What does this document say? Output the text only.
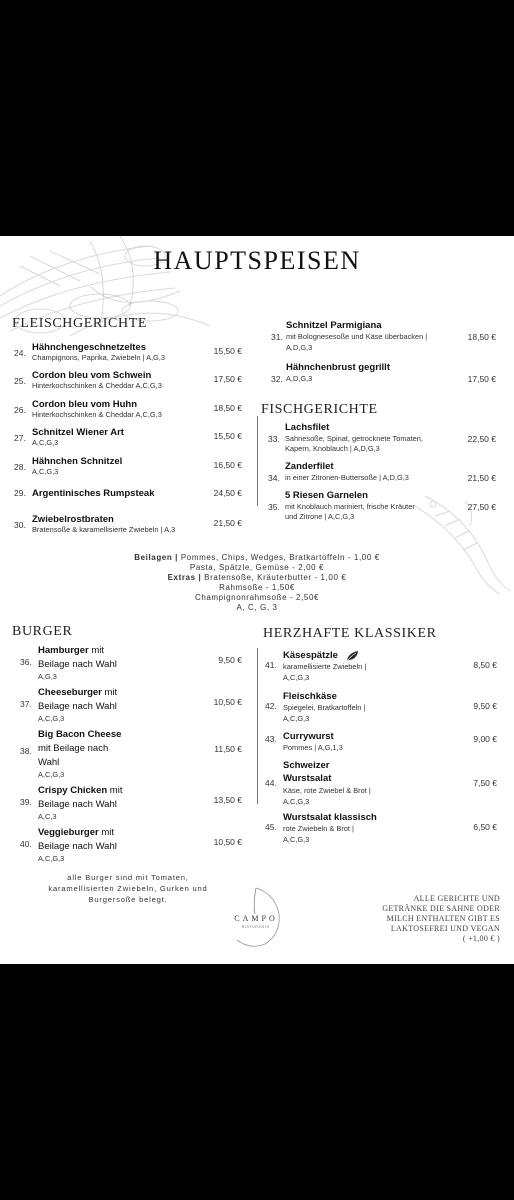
HAUPTSPEISEN
FLEISCHGERICHTE
24. Hähnchengeschnetzeltes
Champignons, Paprika, Zwiebeln | A,G,3
15,50 €
25. Cordon bleu vom Schwein
Hinterkochschinken & Cheddar A,C,G,3
17,50 €
26. Cordon bleu vom Huhn
Hinterkochschinken & Cheddar A,C,G,3
18,50 €
27. Schnitzel Wiener Art
A,C,G,3
15,50 €
28. Hähnchen Schnitzel
A,C,G,3
16,50 €
29. Argentinisches Rumpsteak	24,50 €
30. Zwiebelrostbraten
Bratensoße & karamellisierte Zwiebeln | A,3
21,50 €
31.
Schnitzel Parmigiana
mit Bolognesesoße und Käse überbacken |
A,D,G,3
18,50 €
32.
Hähnchenbrust gegrillt
A,D,G,3	17,50 €
FISCHGERICHTE
33.
Lachsfilet
Sahnesoße, Spinat, getrocknete Tomaten,
Kapern, Knoblauch | A,D,G,3
22,50 €
34.
Zanderfilet
in einer Zitronen-Buttersoße | A,D,G,3	21,50 €
35.
5 Riesen Garnelen
mit Knoblauch mariniert, frische Kräuter
und Zitrone | A,C,G,3
27,50 €
Beilagen | Pommes, Chips, Wedges, Bratkartoffeln - 1,00 €
Pasta, Spätzle, Gemüse - 2,00 €
Extras | Bratensoße, Kräuterbutter - 1,00 €
Rahmsoße - 1,50€
Champignonrahmsoße - 2,50€
A, C, G, 3
BURGER
36.
Hamburger mit
Beilage nach Wahl
A,G,3
9,50 €
37.
Cheeseburger mit
Beilage nach Wahl
A,C,G,3
10,50 €
38.
Big Bacon Cheese
mit Beilage nach
Wahl
A,C,G,3
11,50 €
39.
Crispy Chicken mit
Beilage nach Wahl
A,C,3
13,50 €
40.
Veggieburger mit
Beilage nach Wahl
A,C,G,3
10,50 €
alle Burger sind mit Tomaten,
karamellisierten Zwiebeln, Gurken und
Burgersoße belegt.
HERZHAFTE KLASSIKER
41.
Käsespätzle
karamellisierte Zwiebeln |
A,C,G,3
8,50 €
42.
Fleischkäse
Spiegelei, Bratkartoffeln |
A,C,G,3
9,50 €
43. Currywurst
Pommes | A,G,1,3
9,00 €
44.
Schweizer
Wurstsalat
Käse, rote Zwiebel & Brot |
A,C,G,3
7,50 €
45.
Wurstsalat klassisch
rote Zwiebeln & Brot |
A,C,G,3
6,50 €
CAMPO
RISTORANTE
ALLE GERICHTE UND
GETRÄNKE DIE SAHNE ODER
MILCH ENTHALTEN GIBT ES
LAKTOSEFREI UND VEGAN
( +1,00 € )
